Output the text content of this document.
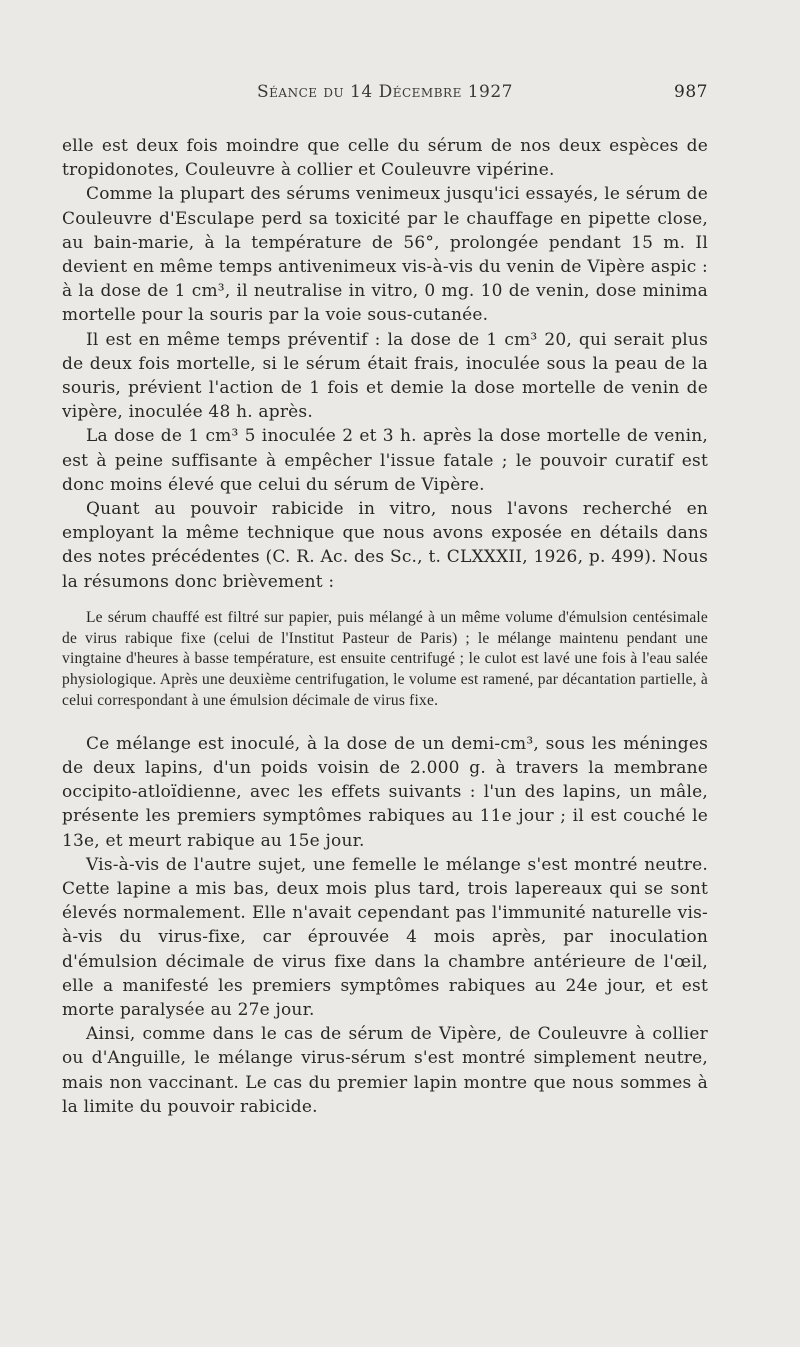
Séance du 14 Décembre 1927	987

elle est deux fois moindre que celle du sérum de nos deux espèces de tropidonotes, Couleuvre à collier et Couleuvre vipérine.

Comme la plupart des sérums venimeux jusqu'ici essayés, le sérum de Couleuvre d'Esculape perd sa toxicité par le chauffage en pipette close, au bain-marie, à la température de 56°, prolongée pendant 15 m. Il devient en même temps antivenimeux vis-à-vis du venin de Vipère aspic : à la dose de 1 cm³, il neutralise in vitro, 0 mg. 10 de venin, dose minima mortelle pour la souris par la voie sous-cutanée.

Il est en même temps préventif : la dose de 1 cm³ 20, qui serait plus de deux fois mortelle, si le sérum était frais, inoculée sous la peau de la souris, prévient l'action de 1 fois et demie la dose mortelle de venin de vipère, inoculée 48 h. après.

La dose de 1 cm³ 5 inoculée 2 et 3 h. après la dose mortelle de venin, est à peine suffisante à empêcher l'issue fatale ; le pouvoir curatif est donc moins élevé que celui du sérum de Vipère.

Quant au pouvoir rabicide in vitro, nous l'avons recherché en employant la même technique que nous avons exposée en détails dans des notes précédentes (C. R. Ac. des Sc., t. CLXXXII, 1926, p. 499). Nous la résumons donc brièvement :

Le sérum chauffé est filtré sur papier, puis mélangé à un même volume d'émulsion centésimale de virus rabique fixe (celui de l'Institut Pasteur de Paris) ; le mélange maintenu pendant une vingtaine d'heures à basse température, est ensuite centrifugé ; le culot est lavé une fois à l'eau salée physiologique. Après une deuxième centrifugation, le volume est ramené, par décantation partielle, à celui correspondant à une émulsion décimale de virus fixe.

Ce mélange est inoculé, à la dose de un demi-cm³, sous les méninges de deux lapins, d'un poids voisin de 2.000 g. à travers la membrane occipito-atloïdienne, avec les effets suivants : l'un des lapins, un mâle, présente les premiers symptômes rabiques au 11e jour ; il est couché le 13e, et meurt rabique au 15e jour.

Vis-à-vis de l'autre sujet, une femelle le mélange s'est montré neutre. Cette lapine a mis bas, deux mois plus tard, trois lapereaux qui se sont élevés normalement. Elle n'avait cependant pas l'immunité naturelle vis-à-vis du virus-fixe, car éprouvée 4 mois après, par inoculation d'émulsion décimale de virus fixe dans la chambre antérieure de l'œil, elle a manifesté les premiers symptômes rabiques au 24e jour, et est morte paralysée au 27e jour.

Ainsi, comme dans le cas de sérum de Vipère, de Couleuvre à collier ou d'Anguille, le mélange virus-sérum s'est montré simplement neutre, mais non vaccinant. Le cas du premier lapin montre que nous sommes à la limite du pouvoir rabicide.
